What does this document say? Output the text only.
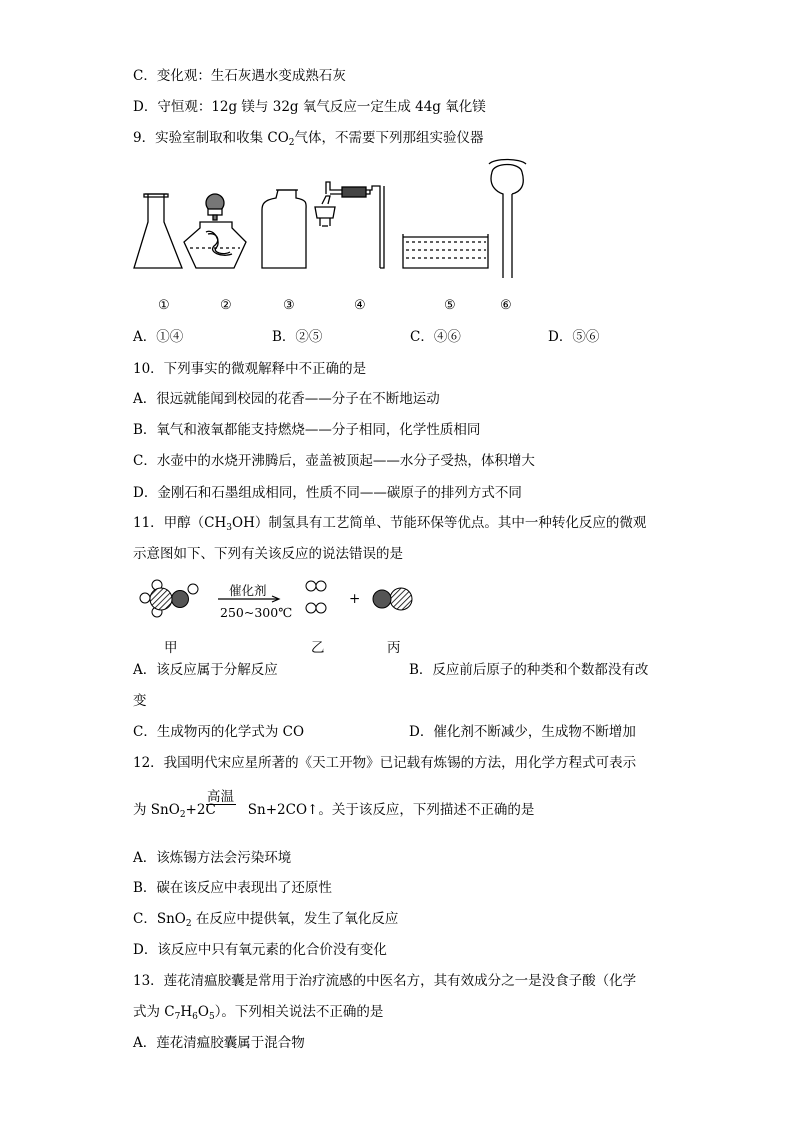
C．变化观：生石灰遇水变成熟石灰
D．守恒观：12g 镁与 32g 氧气反应一定生成 44g 氧化镁
9．实验室制取和收集 $CO_2$气体，不需要下列那组实验仪器
①	②	③	④	⑤	⑥
A．①④	B．②⑤	C．④⑥	D．⑤⑥
10．下列事实的微观解释中不正确的是
A．很远就能闻到校园的花香——分子在不断地运动
B．氧气和液氧都能支持燃烧——分子相同，化学性质相同
C．水壶中的水烧开沸腾后，壶盖被顶起——水分子受热，体积增大
D．金刚石和石墨组成相同，性质不同——碳原子的排列方式不同
11．甲醇$(CH_3OH)$制氢具有工艺简单、节能环保等优点。其中一种转化反应的微观
示意图如下、下列有关该反应的说法错误的是
催化剂
250~300℃
+
甲	乙	丙
A．该反应属于分解反应	B．反应前后原子的种类和个数都没有改
变
C．生成物丙的化学式为 CO	D．催化剂不断减少，生成物不断增加
12．我国明代宋应星所著的《天工开物》已记载有炼锡的方法，用化学方程式可表示
为 SnO$_2$+2C Sn+2CO↑。关于该反应，下列描述不正确的是
高温
A．该炼锡方法会污染环境
B．碳在该反应中表现出了还原性
C．SnO$_2$ 在反应中提供氧，发生了氧化反应
D．该反应中只有氧元素的化合价没有变化
13．莲花清瘟胶囊是常用于治疗流感的中医名方，其有效成分之一是没食子酸（化学
式为 $C_7H_6O_5$）。下列相关说法不正确的是
A．莲花清瘟胶囊属于混合物
